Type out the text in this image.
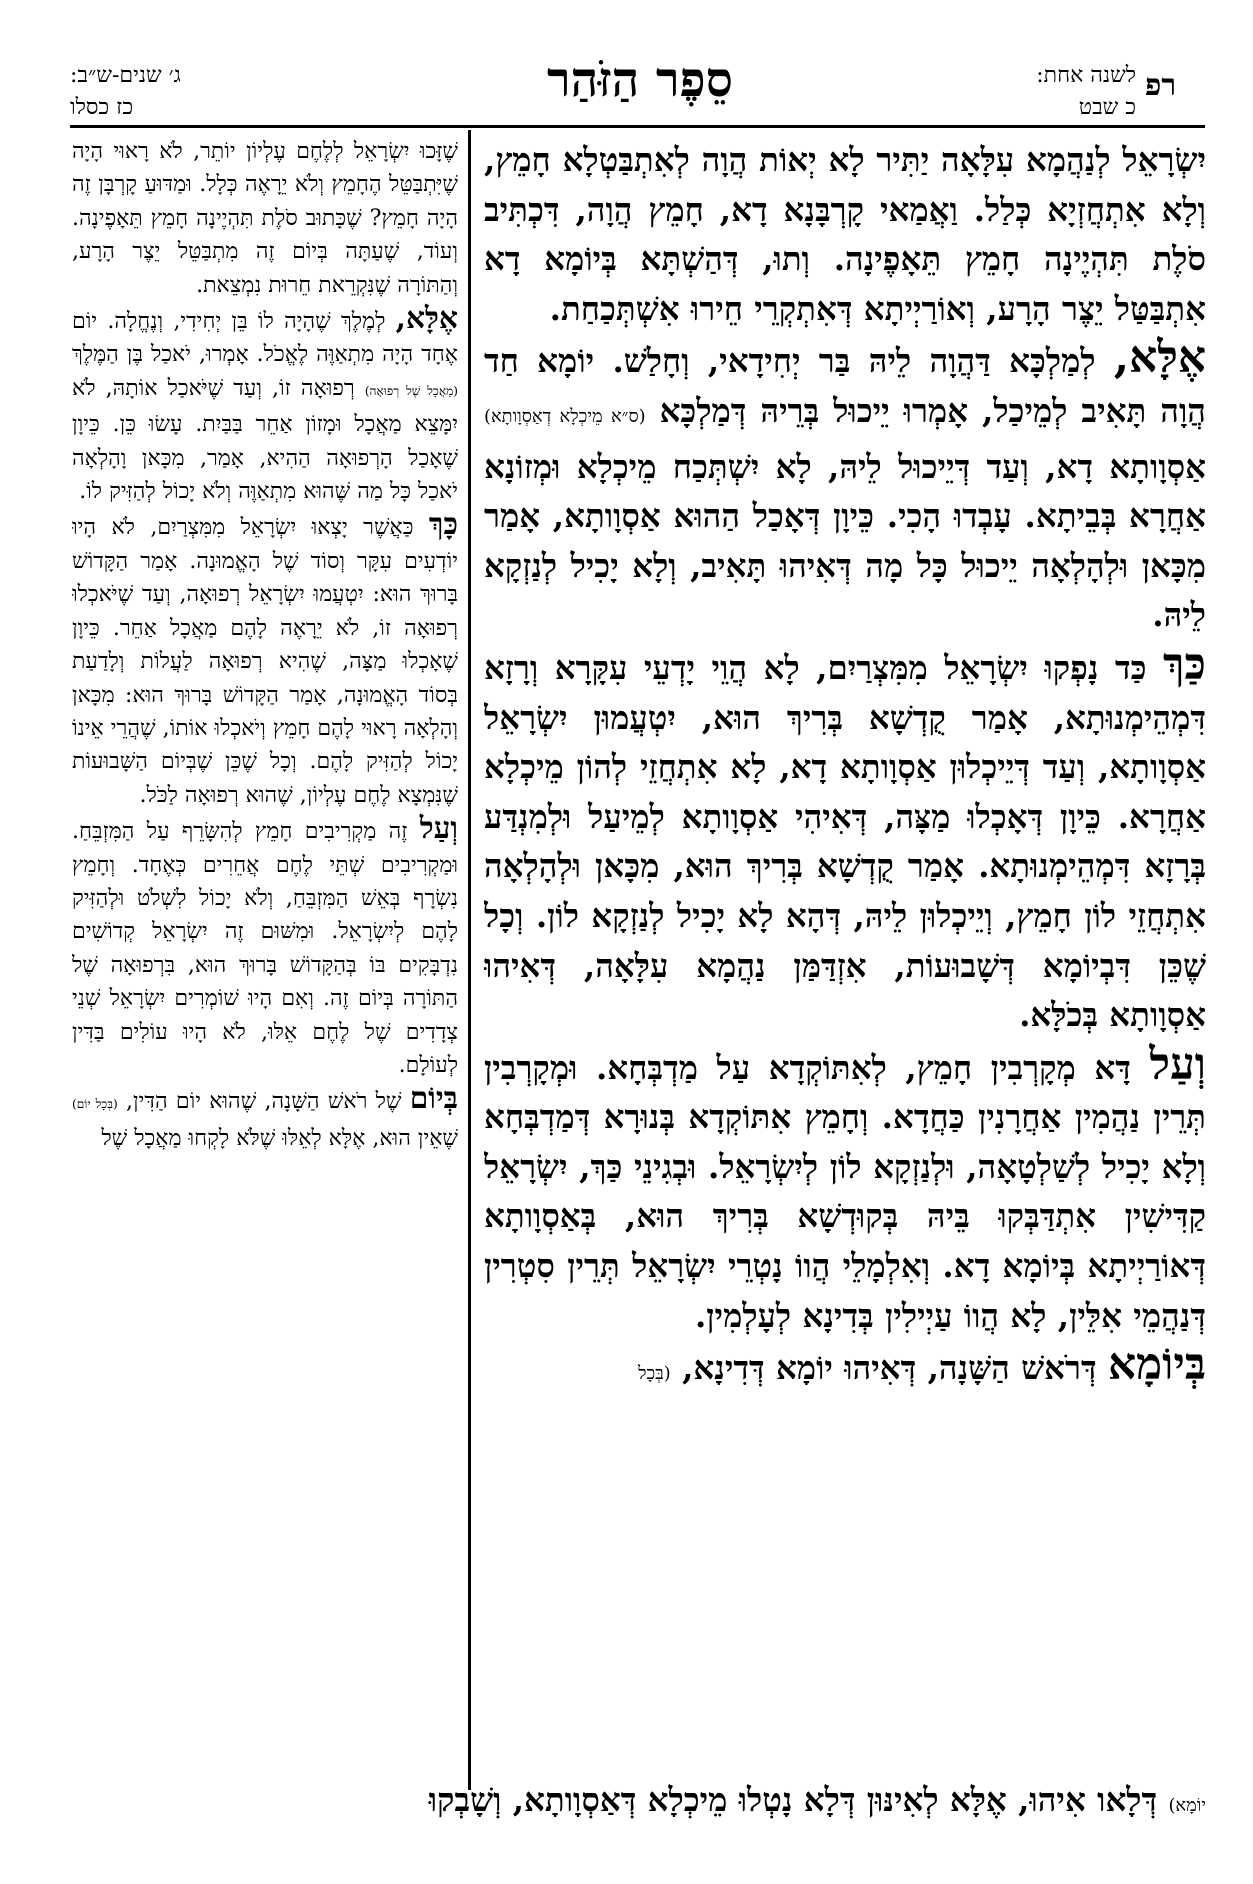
רפ
לשנה אחת:
כ שבט
סֵפֶר הַזֹּהַר
ג׳ שנים-ש״ב:
כז כסלו

יִשְׂרָאֵל לְנַהֲמָא עִלָּאָה יַתִּיר לָא יְאוֹת הֲוָה לְאִתְבַּטְלָא חָמֵץ, וְלָא אִתְחֲזְיָא כְּלַל. וַאֲמַאי קָרְבָּנָא דָא, חָמֵץ הֲוָה, דִּכְתִּיב סֹלֶת תִּהְיֶינָה חָמֵץ תֵּאָפֶינָה. וְתוּ, דְּהַשְׁתָּא בְּיוֹמָא דָא אִתְבַּטַּל יֵצֶר הָרָע, וְאוֹרַיְיתָא דְּאִתְקְרֵי חֵירוּ אִשְׁתְּכַחַת.

אֶלָּא, לְמַלְכָּא דַּהֲוָה לֵיהּ בַּר יְחִידָאי, וְחָלַשׁ. יוֹמָא חַד הֲוָה תָּאִיב לְמֵיכַל, אָמְרוּ יֵיכוּל בְּרֵיהּ דְּמַלְכָּא (ס״א מֵיכְלָא דְאַסְוָותָא) אַסְוָותָא דָא, וְעַד דְּיֵיכוּל לֵיהּ, לָא יִשְׁתְּכַח מֵיכְלָא וּמְזוֹנָא אַחֲרָא בְּבֵיתָא. עָבְדוּ הָכִי. כֵּיוָן דְּאָכַל הַהוּא אַסְוָותָא, אָמַר מִכָּאן וּלְהָלְאָה יֵיכוּל כָּל מָה דְּאִיהוּ תָּאִיב, וְלָא יָכִיל לְנַזְקָא לֵיהּ.

כַּךְ כַּד נָפְקוּ יִשְׂרָאֵל מִמִּצְרַיִם, לָא הֲוֵי יָדְעֵי עִקָּרָא וְרָזָא דִּמְהֵימְנוּתָא, אָמַר קֻדְשָׁא בְּרִיךְ הוּא, יִטְעֲמוּן יִשְׂרָאֵל אַסְוָותָא, וְעַד דְּיֵיכְלוּן אַסְוָותָא דָא, לָא אִתְחֲזֵי לְהוֹן מֵיכְלָא אַחֲרָא. כֵּיוָן דְּאָכְלוּ מַצָּה, דְּאִיהִי אַסְוָותָא לְמֵיעַל וּלְמִנְדַּע בְּרָזָא דִּמְהֵימְנוּתָא. אָמַר קֻדְשָׁא בְּרִיךְ הוּא, מִכָּאן וּלְהָלְאָה אִתְחֲזֵי לוֹן חָמֵץ, וְיֵיכְלוּן לֵיהּ, דְּהָא לָא יָכִיל לְנַזְקָא לוֹן. וְכָל שֶׁכֵּן דִּבְיוֹמָא דְּשָׁבוּעוֹת, אִזְדַּמַּן נַהֲמָא עִלָּאָה, דְּאִיהוּ אַסְוָותָא בְּכֹלָּא.

וְעַל דָּא מְקָרְבִין חָמֵץ, לְאִתּוֹקְדָא עַל מַדְבְּחָא. וּמְקָרְבִין תְּרֵין נַהֲמִין אַחֲרָנִין כַּחֲדָא. וְחָמֵץ אִתּוֹקְדָא בְּנוּרָא דְּמַדְבְּחָא וְלָא יָכִיל לְשַׁלְטָאָה, וּלְנַזְקָא לוֹן לְיִשְׂרָאֵל. וּבְגִינֵי כַּךְ, יִשְׂרָאֵל קַדִּישִׁין אִתְדַּבְּקוּ בֵּיהּ בְּקוּדְשָׁא בְּרִיךְ הוּא, בְּאַסְוָותָא דְּאוֹרַיְיתָא בְּיוֹמָא דָא. וְאִלְמָלֵי הֲווֹ נָטְרֵי יִשְׂרָאֵל תְּרֵין סִטְרִין דְּנַהֲמֵי אִלֵּין, לָא הֲווֹ עַיְילִין בְּדִינָא לְעָלְמִין.

בְּיוֹמָא דְּרֹאשׁ הַשָּׁנָה, דְּאִיהוּ יוֹמָא דְּדִינָא, (בְּכָל

שֶׁזָּכוּ יִשְׂרָאֵל לְלֶחֶם עֶלְיוֹן יוֹתֵר, לֹא רָאוּי הָיָה שֶׁיִּתְבַּטֵּל הֶחָמֵץ וְלֹא יֵרָאֶה כְּלָל. וּמַדּוּעַ קָרְבָּן זֶה הָיָה חָמֵץ? שֶׁכָּתוּב סֹלֶת תִּהְיֶינָה חָמֵץ תֵּאָפֶינָה. וְעוֹד, שֶׁעַתָּה בְּיוֹם זֶה מִתְבַּטֵּל יֵצֶר הָרָע, וְהַתּוֹרָה שֶׁנִּקְרֵאת חֵרוּת נִמְצֵאת.

אֶלָּא, לְמֶלֶךְ שֶׁהָיָה לוֹ בֵּן יְחִידִי, וְנֶחֱלָה. יוֹם אֶחָד הָיָה מִתְאַוֶּה לֶאֱכֹל. אָמְרוּ, יֹאכַל בֶּן הַמֶּלֶךְ (מַאֲכָל שֶׁל רְפוּאָה) רְפוּאָה זוֹ, וְעַד שֶׁיֹּאכַל אוֹתָהּ, לֹא יִמָּצֵא מַאֲכָל וּמָזוֹן אַחֵר בַּבַּיִת. עָשׂוּ כֵּן. כֵּיוָן שֶׁאָכַל הָרְפוּאָה הַהִיא, אָמַר, מִכָּאן וָהָלְאָה יֹאכַל כָּל מַה שֶּׁהוּא מִתְאַוֶּה וְלֹא יָכוֹל לְהַזִּיק לוֹ.

כָּךְ כַּאֲשֶׁר יָצְאוּ יִשְׂרָאֵל מִמִּצְרַיִם, לֹא הָיוּ יוֹדְעִים עִקָּר וְסוֹד שֶׁל הָאֱמוּנָה. אָמַר הַקָּדוֹשׁ בָּרוּךְ הוּא: יִטְעֲמוּ יִשְׂרָאֵל רְפוּאָה, וְעַד שֶׁיֹּאכְלוּ רְפוּאָה זוֹ, לֹא יֵרָאֶה לָהֶם מַאֲכָל אַחֵר. כֵּיוָן שֶׁאָכְלוּ מַצָּה, שֶׁהִיא רְפוּאָה לַעֲלוֹת וְלָדַעַת בְּסוֹד הָאֱמוּנָה, אָמַר הַקָּדוֹשׁ בָּרוּךְ הוּא: מִכָּאן וְהָלְאָה רָאוּי לָהֶם חָמֵץ וְיֹאכְלוּ אוֹתוֹ, שֶׁהֲרֵי אֵינוֹ יָכוֹל לְהַזִּיק לָהֶם. וְכָל שֶׁכֵּן שֶׁבְּיוֹם הַשָּׁבוּעוֹת שֶׁנִּמְצָא לֶחֶם עֶלְיוֹן, שֶׁהוּא רְפוּאָה לַכֹּל.

וְעַל זֶה מַקְרִיבִים חָמֵץ לְהִשָּׂרֵף עַל הַמִּזְבֵּחַ. וּמַקְרִיבִים שְׁתֵּי לֶחֶם אֲחֵרִים כְּאֶחָד. וְחָמֵץ נִשְׂרָף בְּאֵשׁ הַמִּזְבֵּחַ, וְלֹא יָכוֹל לִשְׁלֹט וּלְהַזִּיק לָהֶם לְיִשְׂרָאֵל. וּמִשּׁוּם זֶה יִשְׂרָאֵל קְדוֹשִׁים נִדְבָּקִים בּוֹ בְּהַקָּדוֹשׁ בָּרוּךְ הוּא, בִּרְפוּאָה שֶׁל הַתּוֹרָה בְּיוֹם זֶה. וְאִם הָיוּ שׁוֹמְרִים יִשְׂרָאֵל שְׁנֵי צְדָדִים שֶׁל לֶחֶם אֵלּוּ, לֹא הָיוּ עוֹלִים בַּדִּין לְעוֹלָם.

בְּיוֹם שֶׁל רֹאשׁ הַשָּׁנָה, שֶׁהוּא יוֹם הַדִּין, (בְּכָל יוֹם) שֶׁאֵין הוּא, אֶלָּא לְאֵלּוּ שֶׁלֹּא לָקְחוּ מַאֲכָל שֶׁל

יוֹמָא) דְּלָאו אִיהוּ, אֶלָּא לְאִינּוּן דְּלָא נָטְלוּ מֵיכְלָא דְּאַסְוָותָא, וְשָׁבְקוּ
